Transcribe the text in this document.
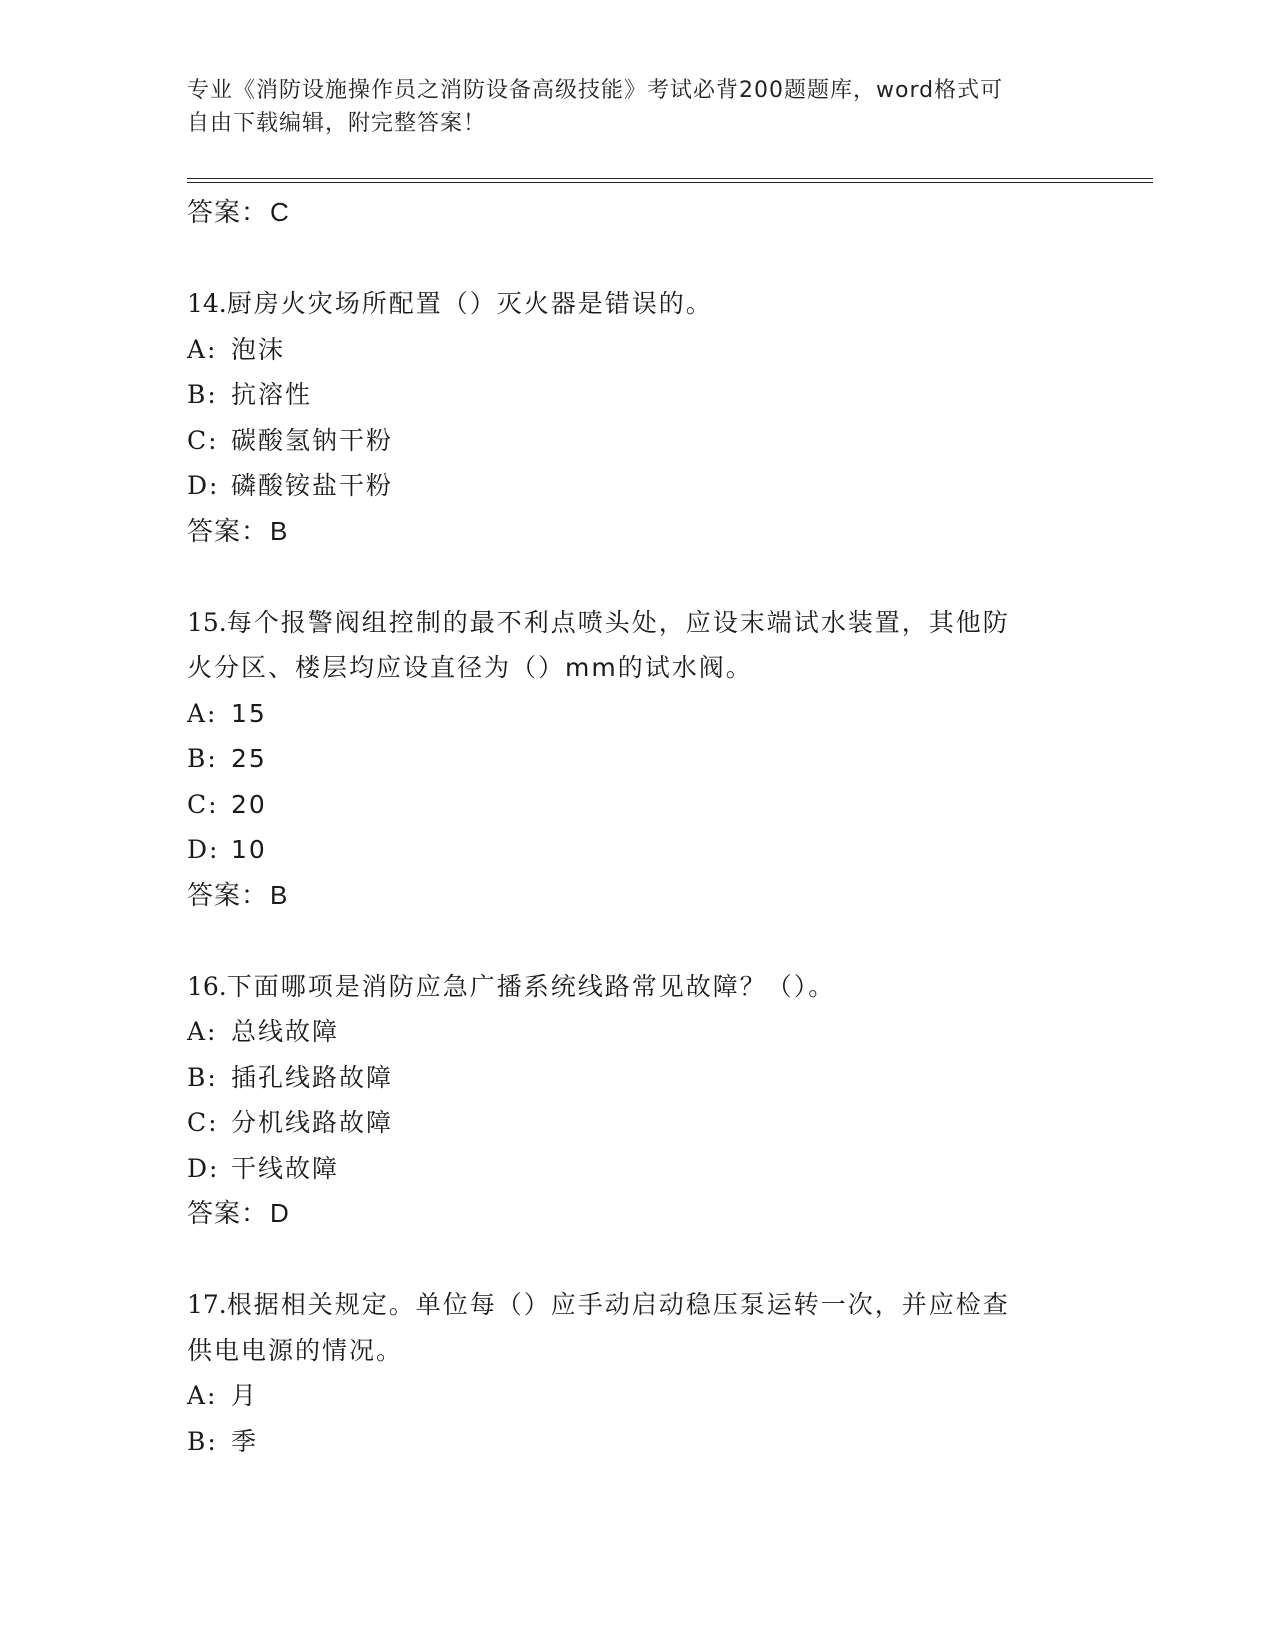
专业《消防设施操作员之消防设备高级技能》考试必背200题题库，word格式可
自由下载编辑，附完整答案！
答案：C
14.厨房火灾场所配置（）灭火器是错误的。
A: 泡沫
B: 抗溶性
C: 碳酸氢钠干粉
D: 磷酸铵盐干粉
答案：B
15.每个报警阀组控制的最不利点喷头处，应设末端试水装置，其他防
火分区、楼层均应设直径为（）mm的试水阀。
A: 15
B: 25
C: 20
D: 10
答案：B
16.下面哪项是消防应急广播系统线路常见故障？（）。
A: 总线故障
B: 插孔线路故障
C: 分机线路故障
D: 干线故障
答案：D
17.根据相关规定。单位每（）应手动启动稳压泵运转一次，并应检查
供电电源的情况。
A: 月
B: 季
